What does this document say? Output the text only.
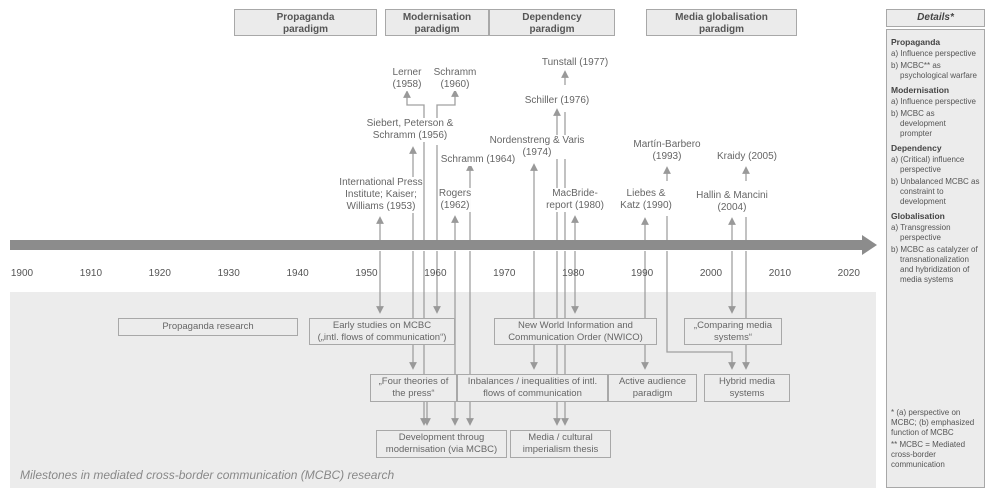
Propaganda
paradigm
Modernisation
paradigm
Dependency
paradigm
Media globalisation
paradigm
Lerner
(1958)
Schramm
(1960)
Siebert, Peterson &
Schramm (1956)	Nordenstreng & Varis
(1974)
Schramm (1964)
International Press
Institute; Kaiser;
Williams (1953)
Rogers
(1962)
Tunstall (1977)
Schiller (1976)
MacBride-
report (1980)
Liebes &
Katz (1990)
Martín-Barbero
(1993)	Kraidy (2005)
Hallin & Mancini
(2004)
1900	1910	1920	1930	1940	1950	1960	1970	1980	1990	2000	2010	2020
Propaganda research	Early studies on MCBC
(„intl. flows of communication“)
New World Information and
Communication Order (NWICO)
„Comparing media
systems“
„Four theories of
the press“
Inbalances / inequalities of intl.
flows of communication
Active audience
paradigm
Hybrid media
systems
Development throug
modernisation (via MCBC)
Media / cultural
imperialism thesis
Milestones in mediated cross-border communication (MCBC) research
Details*
Propaganda
a) Influence perspective
b) MCBC** as psychological warfare
Modernisation
a) Influence perspective
b) MCBC as development prompter
Dependency
a) (Critical) influence perspective
b) Unbalanced MCBC as constraint to development
Globalisation
a) Transgression perspective
b) MCBC as catalyzer of transnationalization and hybridization of media systems
* (a) perspective on MCBC; (b) emphasized function of MCBC
** MCBC = Mediated cross-border communication
